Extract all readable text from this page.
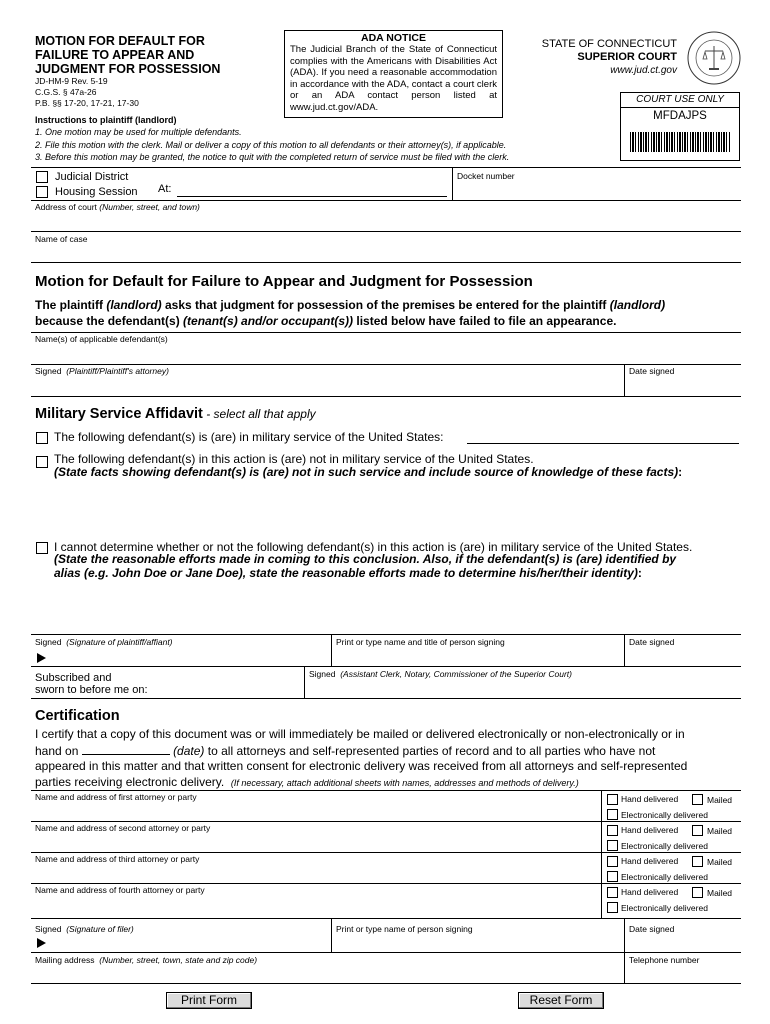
MOTION FOR DEFAULT FOR
FAILURE TO APPEAR AND
JUDGMENT FOR POSSESSION
JD-HM-9 Rev. 5-19
C.G.S. § 47a-26
P.B. §§ 17-20, 17-21, 17-30
ADA NOTICE
The Judicial Branch of the State of Connecticut complies with the Americans with Disabilities Act (ADA). If you need a reasonable accommodation in accordance with the ADA, contact a court clerk or an ADA contact person listed at www.jud.ct.gov/ADA.
STATE OF CONNECTICUT
SUPERIOR COURT
www.jud.ct.gov
COURT USE ONLY
MFDAJPS
Instructions to plaintiff (landlord)
1. One motion may be used for multiple defendants.
2. File this motion with the clerk. Mail or deliver a copy of this motion to all defendants or their attorney(s), if applicable.
3. Before this motion may be granted, the notice to quit with the completed return of service must be filed with the clerk.
Judicial District
Housing Session At:
Docket number
Address of court (Number, street, and town)
Name of case
Motion for Default for Failure to Appear and Judgment for Possession
The plaintiff (landlord) asks that judgment for possession of the premises be entered for the plaintiff (landlord)
because the defendant(s) (tenant(s) and/or occupant(s)) listed below have failed to file an appearance.
Name(s) of applicable defendant(s)
Signed (Plaintiff/Plaintiff's attorney)	Date signed
Military Service Affidavit - select all that apply
The following defendant(s) is (are) in military service of the United States:
The following defendant(s) in this action is (are) not in military service of the United States.
(State facts showing defendant(s) is (are) not in such service and include source of knowledge of these facts):
I cannot determine whether or not the following defendant(s) in this action is (are) in military service of the United States.
(State the reasonable efforts made in coming to this conclusion. Also, if the defendant(s) is (are) identified by
alias (e.g. John Doe or Jane Doe), state the reasonable efforts made to determine his/her/their identity):
Signed (Signature of plaintiff/affiant)	Print or type name and title of person signing	Date signed
Subscribed and
sworn to before me on:
Signed (Assistant Clerk, Notary, Commissioner of the Superior Court)
Certification
I certify that a copy of this document was or will immediately be mailed or delivered electronically or non-electronically or in
hand on	(date) to all attorneys and self-represented parties of record and to all parties who have not
appeared in this matter and that written consent for electronic delivery was received from all attorneys and self-represented
parties receiving electronic delivery. (If necessary, attach additional sheets with names, addresses and methods of delivery.)
Name and address of first attorney or party	Hand delivered	Mailed
Electronically delivered
Name and address of second attorney or party	Hand delivered	Mailed
Electronically delivered
Name and address of third attorney or party	Hand delivered	Mailed
Electronically delivered
Name and address of fourth attorney or party	Hand delivered	Mailed
Electronically delivered
Signed (Signature of filer)	Print or type name of person signing	Date signed
Mailing address (Number, street, town, state and zip code)	Telephone number
Print Form	Reset Form
